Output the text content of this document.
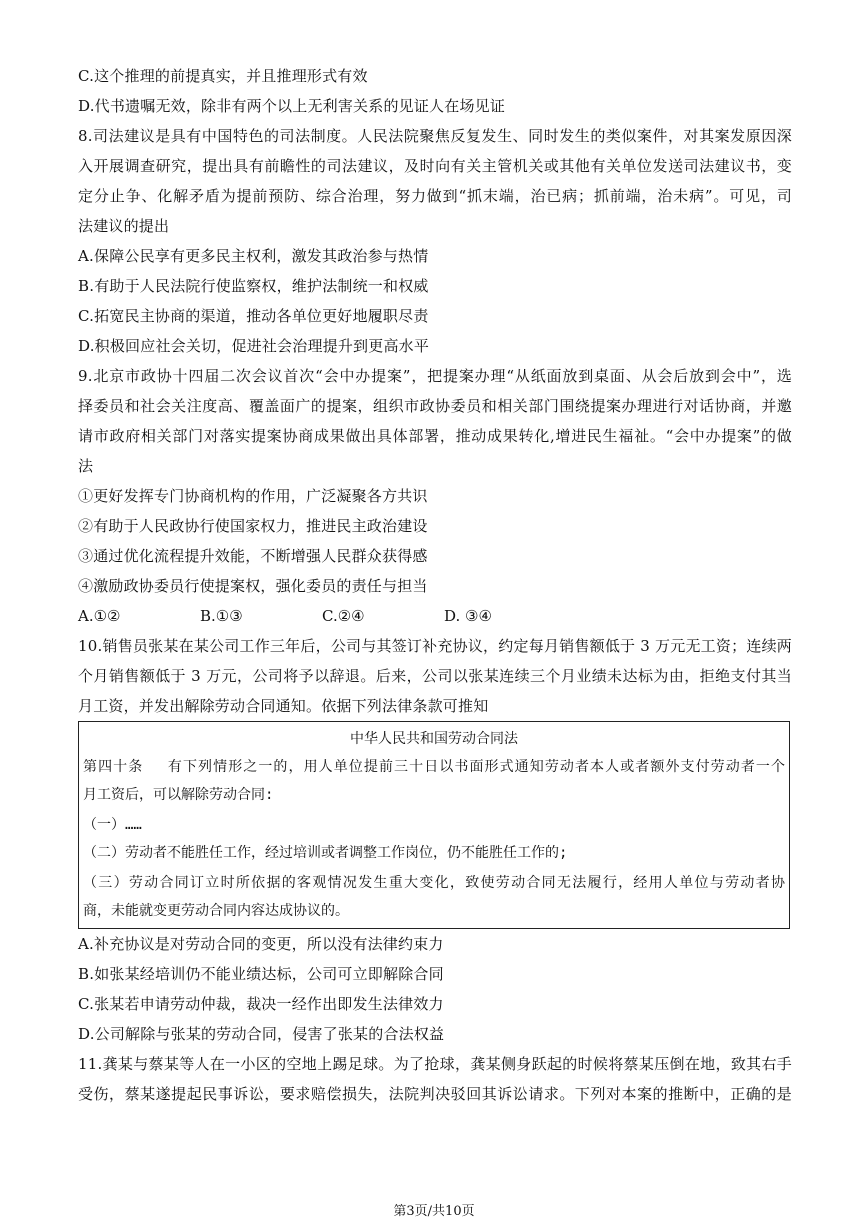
C.这个推理的前提真实，并且推理形式有效
D.代书遗嘱无效，除非有两个以上无利害关系的见证人在场见证
8.司法建议是具有中国特色的司法制度。人民法院聚焦反复发生、同时发生的类似案件，对其案发原因深
入开展调查研究，提出具有前瞻性的司法建议，及时向有关主管机关或其他有关单位发送司法建议书，变
定分止争、化解矛盾为提前预防、综合治理，努力做到“抓末端，治已病；抓前端，治未病”。可见，司
法建议的提出
A.保障公民享有更多民主权利，激发其政治参与热情
B.有助于人民法院行使监察权，维护法制统一和权威
C.拓宽民主协商的渠道，推动各单位更好地履职尽责
D.积极回应社会关切，促进社会治理提升到更高水平
9.北京市政协十四届二次会议首次“会中办提案”，把提案办理“从纸面放到桌面、从会后放到会中”，选
择委员和社会关注度高、覆盖面广的提案，组织市政协委员和相关部门围绕提案办理进行对话协商，并邀
请市政府相关部门对落实提案协商成果做出具体部署，推动成果转化,增进民生福祉。“会中办提案”的做
法
①更好发挥专门协商机构的作用，广泛凝聚各方共识
②有助于人民政协行使国家权力，推进民主政治建设
③通过优化流程提升效能，不断增强人民群众获得感
④激励政协委员行使提案权，强化委员的责任与担当
A.①②	B.①③	C.②④	D. ③④
10.销售员张某在某公司工作三年后，公司与其签订补充协议，约定每月销售额低于 3 万元无工资；连续两
个月销售额低于 3 万元，公司将予以辞退。后来，公司以张某连续三个月业绩未达标为由，拒绝支付其当
月工资，并发出解除劳动合同通知。依据下列法律条款可推知
中华人民共和国劳动合同法
第四十条　 有下列情形之一的，用人单位提前三十日以书面形式通知劳动者本人或者额外支付劳动者一个
月工资后，可以解除劳动合同:
（一）……
（二）劳动者不能胜任工作，经过培训或者调整工作岗位，仍不能胜任工作的;
（三）劳动合同订立时所依据的客观情况发生重大变化，致使劳动合同无法履行，经用人单位与劳动者协
商，未能就变更劳动合同内容达成协议的。
A.补充协议是对劳动合同的变更，所以没有法律约束力
B.如张某经培训仍不能业绩达标，公司可立即解除合同
C.张某若申请劳动仲裁，裁决一经作出即发生法律效力
D.公司解除与张某的劳动合同，侵害了张某的合法权益
11.龚某与蔡某等人在一小区的空地上踢足球。为了抢球，龚某侧身跃起的时候将蔡某压倒在地，致其右手
受伤，蔡某遂提起民事诉讼，要求赔偿损失，法院判决驳回其诉讼请求。下列对本案的推断中，正确的是
第3页/共10页
